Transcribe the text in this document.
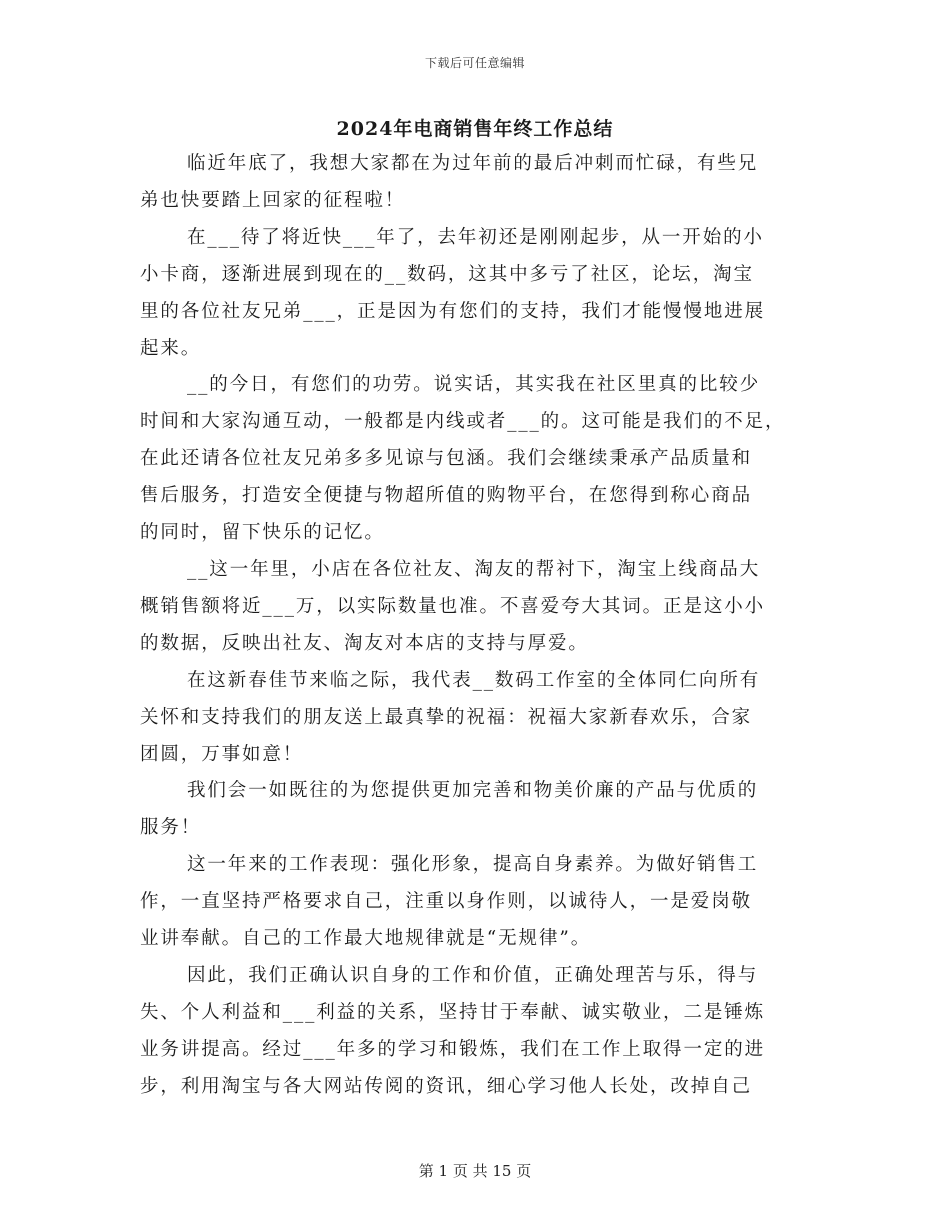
下载后可任意编辑
2024年电商销售年终工作总结

临近年底了，我想大家都在为过年前的最后冲刺而忙碌，有些兄
弟也快要踏上回家的征程啦！

在___待了将近快___年了，去年初还是刚刚起步，从一开始的小
小卡商，逐渐进展到现在的__数码，这其中多亏了社区，论坛，淘宝
里的各位社友兄弟___，正是因为有您们的支持，我们才能慢慢地进展
起来。

__的今日，有您们的功劳。说实话，其实我在社区里真的比较少
时间和大家沟通互动，一般都是内线或者___的。这可能是我们的不足，
在此还请各位社友兄弟多多见谅与包涵。我们会继续秉承产品质量和
售后服务，打造安全便捷与物超所值的购物平台，在您得到称心商品
的同时，留下快乐的记忆。

__这一年里，小店在各位社友、淘友的帮衬下，淘宝上线商品大
概销售额将近___万，以实际数量也准。不喜爱夸大其词。正是这小小
的数据，反映出社友、淘友对本店的支持与厚爱。

在这新春佳节来临之际，我代表__数码工作室的全体同仁向所有
关怀和支持我们的朋友送上最真挚的祝福：祝福大家新春欢乐，合家
团圆，万事如意！

我们会一如既往的为您提供更加完善和物美价廉的产品与优质的
服务！

这一年来的工作表现：强化形象，提高自身素养。为做好销售工
作，一直坚持严格要求自己，注重以身作则，以诚待人，一是爱岗敬
业讲奉献。自己的工作最大地规律就是“无规律”。

因此，我们正确认识自身的工作和价值，正确处理苦与乐，得与
失、个人利益和___利益的关系，坚持甘于奉献、诚实敬业，二是锤炼
业务讲提高。经过___年多的学习和锻炼，我们在工作上取得一定的进
步，利用淘宝与各大网站传阅的资讯，细心学习他人长处，改掉自己

第 1 页 共 15 页
